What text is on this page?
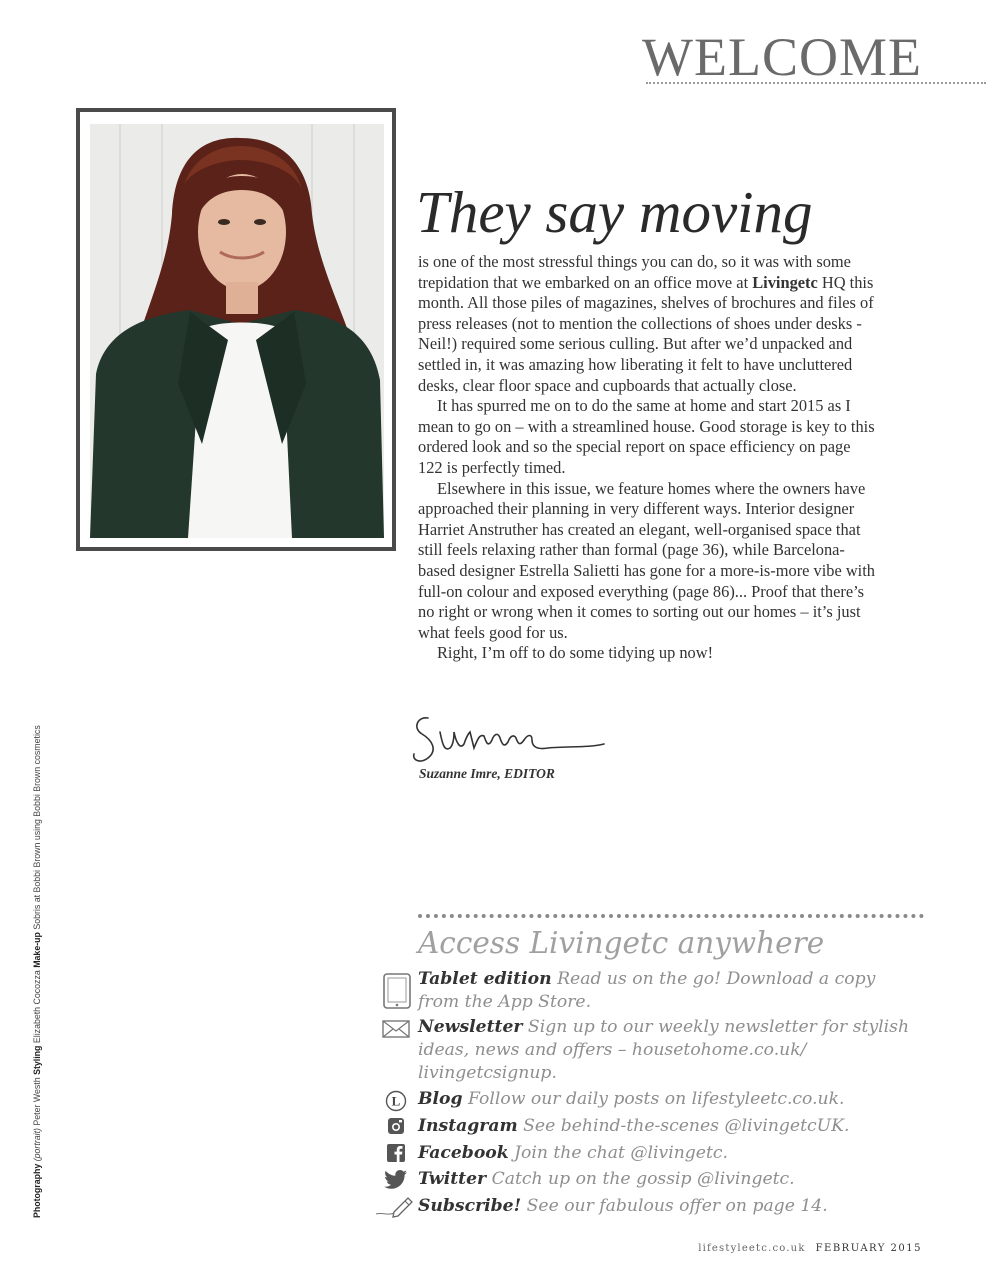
WELCOME
They say moving

is one of the most stressful things you can do, so it was with some trepidation that we embarked on an office move at Livingetc HQ this month. All those piles of magazines, shelves of brochures and files of press releases (not to mention the collections of shoes under desks - Neil!) required some serious culling. But after we’d unpacked and settled in, it was amazing how liberating it felt to have uncluttered desks, clear floor space and cupboards that actually close.

It has spurred me on to do the same at home and start 2015 as I mean to go on – with a streamlined house. Good storage is key to this ordered look and so the special report on space efficiency on page 122 is perfectly timed.

Elsewhere in this issue, we feature homes where the owners have approached their planning in very different ways. Interior designer Harriet Anstruther has created an elegant, well-organised space that still feels relaxing rather than formal (page 36), while Barcelona-based designer Estrella Salietti has gone for a more-is-more vibe with full-on colour and exposed everything (page 86)... Proof that there’s no right or wrong when it comes to sorting out our homes – it’s just what feels good for us.

Right, I’m off to do some tidying up now!

Suzanne Imre, EDITOR
Photography (portrait) Peter Westh Styling Elizabeth Cocozza Make-up Sobris at Bobbi Brown using Bobbi Brown cosmetics
Access Livingetc anywhere
Tablet edition Read us on the go! Download a copy from the App Store.
Newsletter Sign up to our weekly newsletter for stylish ideas, news and offers – housetohome.co.uk/ livingetcsignup.
L Blog Follow our daily posts on lifestyleetc.co.uk.
Instagram See behind-the-scenes @livingetcUK.
Facebook Join the chat @livingetc.
Twitter Catch up on the gossip @livingetc.
Subscribe! See our fabulous offer on page 14.
lifestyleetc.co.uk FEBRUARY 2015
